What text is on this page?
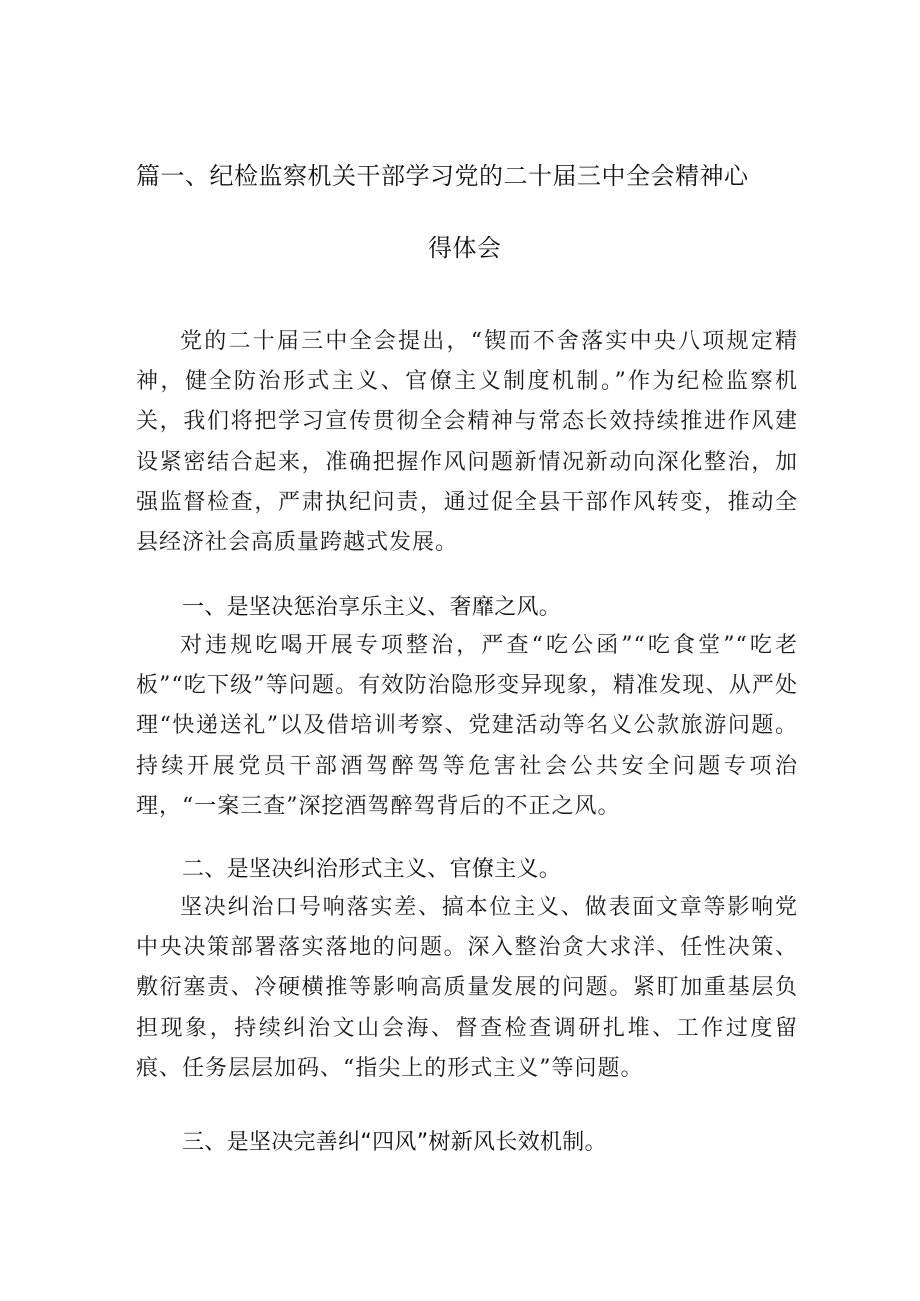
篇一、纪检监察机关干部学习党的二十届三中全会精神心
得体会

党的二十届三中全会提出，“锲而不舍落实中央八项规定精神，健全防治形式主义、官僚主义制度机制。”作为纪检监察机关，我们将把学习宣传贯彻全会精神与常态长效持续推进作风建设紧密结合起来，准确把握作风问题新情况新动向深化整治，加强监督检查，严肃执纪问责，通过促全县干部作风转变，推动全县经济社会高质量跨越式发展。

一、是坚决惩治享乐主义、奢靡之风。

对违规吃喝开展专项整治，严查“吃公函”“吃食堂”“吃老板”“吃下级”等问题。有效防治隐形变异现象，精准发现、从严处理“快递送礼”以及借培训考察、党建活动等名义公款旅游问题。持续开展党员干部酒驾醉驾等危害社会公共安全问题专项治理，“一案三查”深挖酒驾醉驾背后的不正之风。

二、是坚决纠治形式主义、官僚主义。

坚决纠治口号响落实差、搞本位主义、做表面文章等影响党中央决策部署落实落地的问题。深入整治贪大求洋、任性决策、敷衍塞责、冷硬横推等影响高质量发展的问题。紧盯加重基层负担现象，持续纠治文山会海、督查检查调研扎堆、工作过度留痕、任务层层加码、“指尖上的形式主义”等问题。

三、是坚决完善纠“四风”树新风长效机制。
